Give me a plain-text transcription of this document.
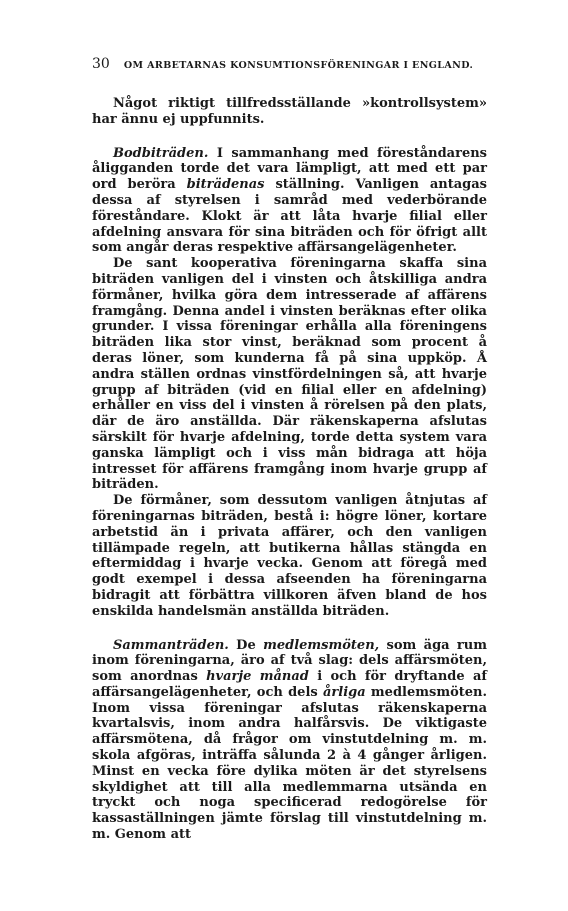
30 OM ARBETARNAS KONSUMTIONSFÖRENINGAR I ENGLAND.

Något riktigt tillfredsställande »kontrollsystem» har ännu ej uppfunnits.

Bodbiträden. I sammanhang med föreståndarens åligganden torde det vara lämpligt, att med ett par ord beröra biträdenas ställning. Vanligen antagas dessa af styrelsen i samråd med vederbörande föreståndare. Klokt är att låta hvarje filial eller afdelning ansvara för sina biträden och för öfrigt allt som angår deras respektive affärsangelägenheter.

De sant kooperativa föreningarna skaffa sina biträden vanligen del i vinsten och åtskilliga andra förmåner, hvilka göra dem intresserade af affärens framgång. Denna andel i vinsten beräknas efter olika grunder. I vissa föreningar erhålla alla föreningens biträden lika stor vinst, beräknad som procent å deras löner, som kunderna få på sina uppköp. Å andra ställen ordnas vinstfördelningen så, att hvarje grupp af biträden (vid en filial eller en afdelning) erhåller en viss del i vinsten å rörelsen på den plats, där de äro anställda. Där räkenskaperna afslutas särskilt för hvarje afdelning, torde detta system vara ganska lämpligt och i viss mån bidraga att höja intresset för affärens framgång inom hvarje grupp af biträden.

De förmåner, som dessutom vanligen åtnjutas af föreningarnas biträden, bestå i: högre löner, kortare arbetstid än i privata affärer, och den vanligen tillämpade regeln, att butikerna hållas stängda en eftermiddag i hvarje vecka. Genom att föregå med godt exempel i dessa afseenden ha föreningarna bidragit att förbättra villkoren äfven bland de hos enskilda handelsmän anställda biträden.

Sammanträden. De medlemsmöten, som äga rum inom föreningarna, äro af två slag: dels affärsmöten, som anordnas hvarje månad i och för dryftande af affärsangelägenheter, och dels årliga medlemsmöten. Inom vissa föreningar afslutas räkenskaperna kvartalsvis, inom andra halfårsvis. De viktigaste affärsmötena, då frågor om vinstutdelning m. m. skola afgöras, inträffa sålunda 2 à 4 gånger årligen. Minst en vecka före dylika möten är det styrelsens skyldighet att till alla medlemmarna utsända en tryckt och noga specificerad redogörelse för kassaställningen jämte förslag till vinstutdelning m. m. Genom att
